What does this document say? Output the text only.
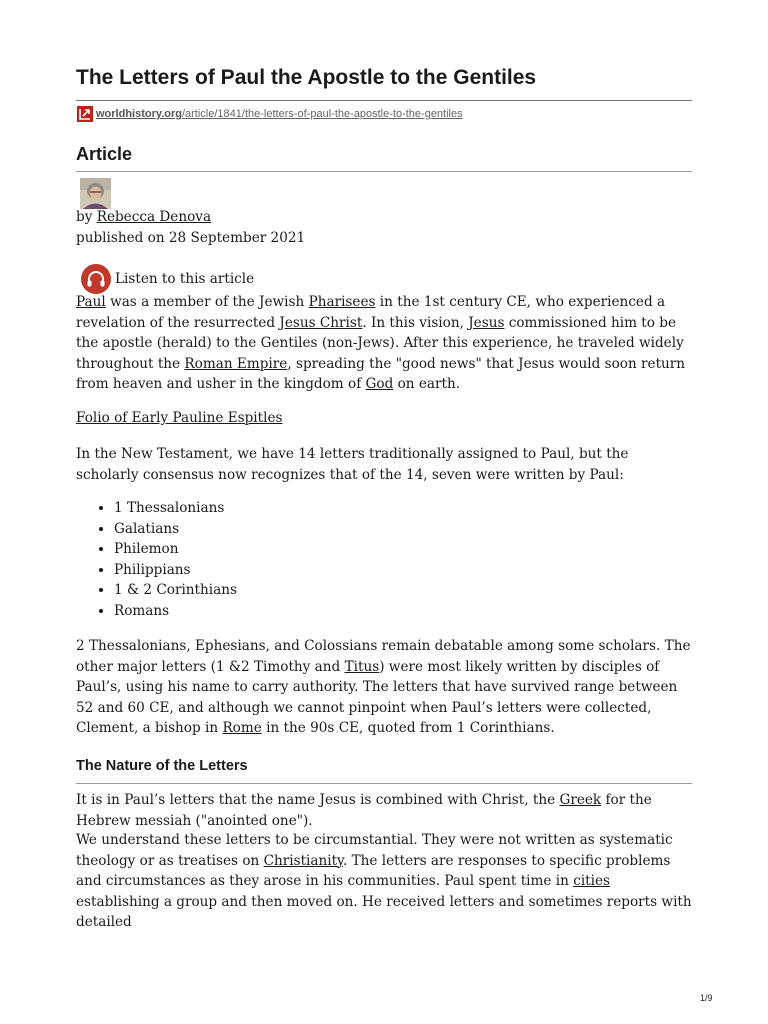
The Letters of Paul the Apostle to the Gentiles
worldhistory.org /article/1841/the-letters-of-paul-the-apostle-to-the-gentiles
Article
by Rebecca Denova
published on 28 September 2021
Listen to this article

Paul was a member of the Jewish Pharisees in the 1st century CE, who experienced a revelation of the resurrected Jesus Christ. In this vision, Jesus commissioned him to be the apostle (herald) to the Gentiles (non-Jews). After this experience, he traveled widely throughout the Roman Empire, spreading the "good news" that Jesus would soon return from heaven and usher in the kingdom of God on earth.

Folio of Early Pauline Espitles

In the New Testament, we have 14 letters traditionally assigned to Paul, but the scholarly consensus now recognizes that of the 14, seven were written by Paul:

• 1 Thessalonians
• Galatians
• Philemon
• Philippians
• 1 & 2 Corinthians
• Romans

2 Thessalonians, Ephesians, and Colossians remain debatable among some scholars. The other major letters (1 &2 Timothy and Titus) were most likely written by disciples of Paul’s, using his name to carry authority. The letters that have survived range between 52 and 60 CE, and although we cannot pinpoint when Paul’s letters were collected, Clement, a bishop in Rome in the 90s CE, quoted from 1 Corinthians.

The Nature of the Letters

It is in Paul’s letters that the name Jesus is combined with Christ, the Greek for the Hebrew messiah ("anointed one").

We understand these letters to be circumstantial. They were not written as systematic theology or as treatises on Christianity. The letters are responses to specific problems and circumstances as they arose in his communities. Paul spent time in cities establishing a group and then moved on. He received letters and sometimes reports with detailed

1/9
